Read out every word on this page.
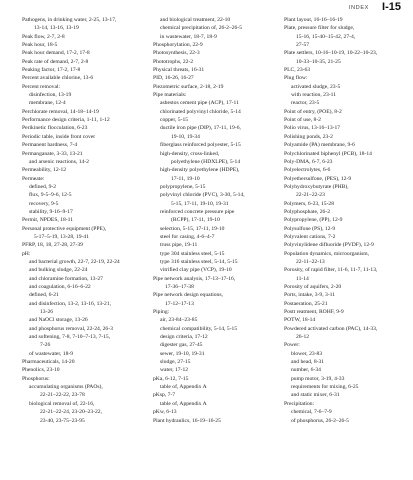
INDEX I-15
Pathogens, in drinking water, 2-25, 13-17,
13-14, 13-16, 13-19
Peak flow, 2-7, 2-8
Peak hour, 18-5
Peak hour demand, 17-2, 17-8
Peak rate of demand, 2-7, 2-8
Peaking factor, 17-2, 17-8
Percent available chlorine, 13-6
Percent removal:
disinfection, 13-19
membrane, 12-4
Perchlorate removal, 14-18–14-19
Performance design criteria, 1-11, 1-12
Perikinetic flocculation, 6-23
Periodic table, inside front cover
Permanent hardness, 7-4
Permanganate, 3-33, 13-21
and arsenic reactions, 14-2
Permeability, 12-12
Permeate:
defined, 9-2
flux, 9-5–9-6, 12-5
recovery, 9-5
stability, 9-16–9-17
Permit, NPDES, 18-11
Personal protective equipment (PPE),
5-17–5-19, 13-28, 19-41
PFRP, 18, 18, 27-28, 27-39
pH:
and bacterial growth, 22-7, 22-19, 22-24
and bulking sludge, 22-24
and chloramine formation, 13-27
and coagulation, 6-16–6-22
defined, 6-21
and disinfection, 13-2, 13-16, 13-21,
13-26
and NaOCl storage, 13-26
and phosphorus removal, 22-24, 26-3
and softening, 7-8, 7-10–7-13, 7-15,
7-26
of wastewater, 18-9
Pharmaceuticals, 14-20
Phenolics, 23-10
Phosphorus:
accumulating organisms (PAOs),
22-21–22-22, 23-78
biological removal of, 22-16,
22-21–22-24, 23-20–23-22,
23-40, 23-75–23-95
and biological treatment, 22-10
chemical precipitation of, 26-2–26-5
in wastewater, 18-7, 18-9
Phosphorylation, 22-9
Photosynthesis, 22-3
Phototrophs, 22-2
Physical threats, 16-31
PID, 16-26, 16-27
Piezometric surface, 2-18, 2-19
Pipe materials:
asbestos cement pipe (ACP), 17-11
chlorinated polyvinyl chloride, 5-14
copper, 5-15
ductile iron pipe (DIP), 17-11, 19-6,
19-10, 19-34
fiberglass reinforced polyester, 5-15
high-density, cross-linked,
polyethylene (HDXLPE), 5-14
high-density polyethylene (HDPE),
17-11, 19-10
polypropylene, 5-15
polyvinyl chloride (PVC), 3-30, 5-14,
5-15, 17-11, 19-10, 19-31
reinforced concrete pressure pipe
(RCPP), 17-11, 19-10
selection, 5-15, 17-11, 19-10
steel for casing, 4-6–4-7
truss pipe, 19-11
type 304 stainless steel, 5-15
type 316 stainless steel, 5-14, 5-15
vitrified clay pipe (VCP), 19-10
Pipe network analysis, 17-13–17-16,
17-36–17-38
Pipe network design equations,
17-12–17-13
Piping:
air, 23-84–23-85
chemical compatibility, 5-14, 5-15
design criteria, 17-12
digester gas, 27-45
sewer, 19-10, 19-31
sludge, 27-15
water, 17-12
pKa, 6-12, 7-15
table of, Appendix A
pKsp, 7-7
table of, Appendix A
pKw, 6-13
Plant hydraulics, 16-19–16-25
Plant layout, 16-16–16-19
Plate, pressure filter for sludge,
15-16, 15-40–15-42, 27-4,
27-57
Plate settlers, 10-16–10-19, 10-22–10-23,
10-33–10-35, 21-25
PLC, 23-63
Plug flow:
activated sludge, 23-5
with reaction, 23-11
reactor, 23-5
Point of entry, (POE), 8-2
Point of use, 8-2
Polio virus, 13-16–13-17
Polishing ponds, 23-2
Polyamide (PA) membrane, 9-6
Polychlorinated biphenyl (PCB), 18-14
Poly-DMA, 6-7, 6-23
Polyelectrolytes, 6-6
Polyethersulfone, (PES), 12-9
Polyhydroxybutyrate (PHB),
22-21–22-23
Polymers, 6-23, 15-28
Polyphosphate, 26-2
Polypropylene, (PP), 12-9
Polysulfone (PS), 12-9
Polyvalent cations, 7-2
Polyvinylidene difluoride (PVDF), 12-9
Population dynamics, microorganism,
22-11–22-13
Porosity, of rapid filter, 11-6, 11-7, 11-13,
11-14
Porosity of aquifers, 2-20
Ports, intake, 3-9, 3-11
Postaeration, 25-21
Postt reatment, ROHF, 9-9
POTW, 18-14
Powdered activated carbon (PAC), 14-33,
26-12
Power:
blower, 23-83
and head, 8-31
number, 6-34
pump motor, 3-19, 4-33
requirements for mixing, 6-25
and static mixer, 6-31
Precipitation:
chemical, 7-6–7-9
of phosphorus, 26-2–26-5
